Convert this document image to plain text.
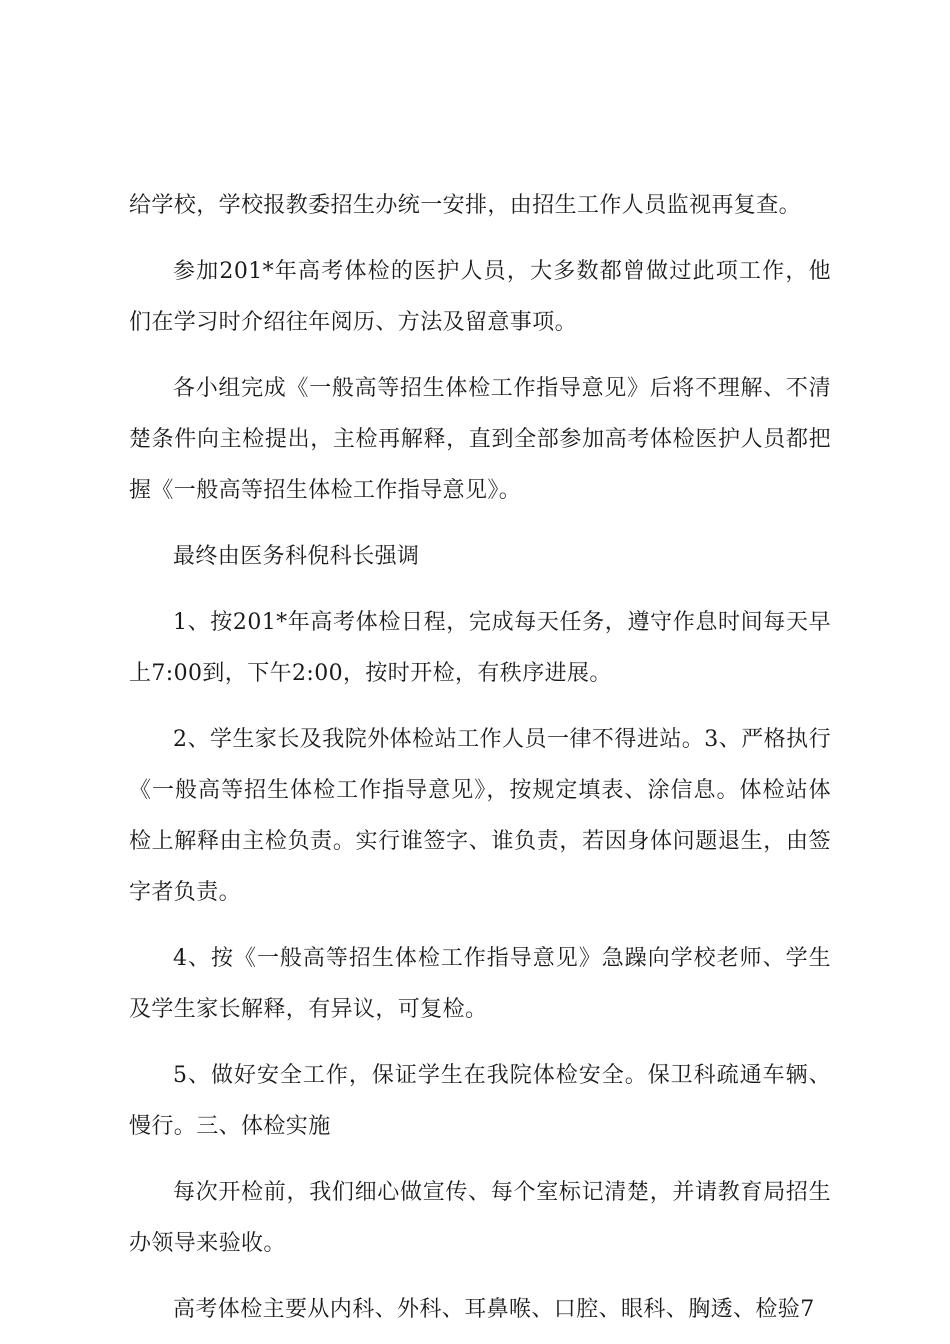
给学校，学校报教委招生办统一安排，由招生工作人员监视再复查。

参加201*年高考体检的医护人员，大多数都曾做过此项工作，他们在学习时介绍往年阅历、方法及留意事项。

各小组完成《一般高等招生体检工作指导意见》后将不理解、不清楚条件向主检提出，主检再解释，直到全部参加高考体检医护人员都把握《一般高等招生体检工作指导意见》。

最终由医务科倪科长强调

1、按201*年高考体检日程，完成每天任务，遵守作息时间每天早上7:00到，下午2:00，按时开检，有秩序进展。

2、学生家长及我院外体检站工作人员一律不得进站。3、严格执行《一般高等招生体检工作指导意见》，按规定填表、涂信息。体检站体检上解释由主检负责。实行谁签字、谁负责，若因身体问题退生，由签字者负责。

4、按《一般高等招生体检工作指导意见》急躁向学校老师、学生及学生家长解释，有异议，可复检。

5、做好安全工作，保证学生在我院体检安全。保卫科疏通车辆、慢行。三、体检实施

每次开检前，我们细心做宣传、每个室标记清楚，并请教育局招生办领导来验收。

高考体检主要从内科、外科、耳鼻喉、口腔、眼科、胸透、检验7
